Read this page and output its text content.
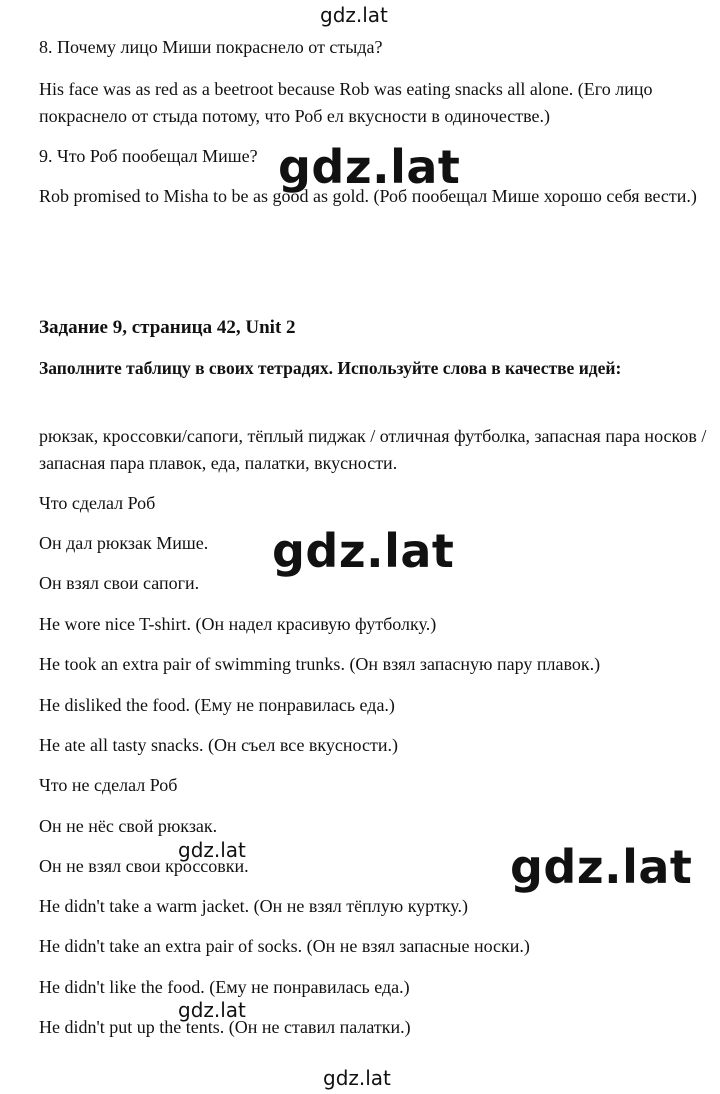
gdz.lat
gdz.lat
gdz.lat
gdz.lat	gdz.lat
gdz.lat
gdz.lat

8. Почему лицо Миши покраснело от стыда?

His face was as red as a beetroot because Rob was eating snacks all alone. (Его лицо покраснело от стыда потому, что Роб ел вкусности в одиночестве.)

9. Что Роб пообещал Мише?

Rob promised to Misha to be as good as gold. (Роб пообещал Мише хорошо себя вести.)

Задание 9, страница 42, Unit 2

Заполните таблицу в своих тетрадях. Используйте слова в качестве идей:

рюкзак, кроссовки/сапоги, тёплый пиджак / отличная футболка, запасная пара носков / запасная пара плавок, еда, палатки, вкусности.

Что сделал Роб

Он дал рюкзак Мише.

Он взял свои сапоги.

He wore nice T-shirt. (Он надел красивую футболку.)

He took an extra pair of swimming trunks. (Он взял запасную пару плавок.)

He disliked the food. (Ему не понравилась еда.)

He ate all tasty snacks. (Он съел все вкусности.)

Что не сделал Роб

Он не нёс свой рюкзак.

Он не взял свои кроссовки.

He didn't take a warm jacket. (Он не взял тёплую куртку.)

He didn't take an extra pair of socks. (Он не взял запасные носки.)

He didn't like the food. (Ему не понравилась еда.)

He didn't put up the tents. (Он не ставил палатки.)
